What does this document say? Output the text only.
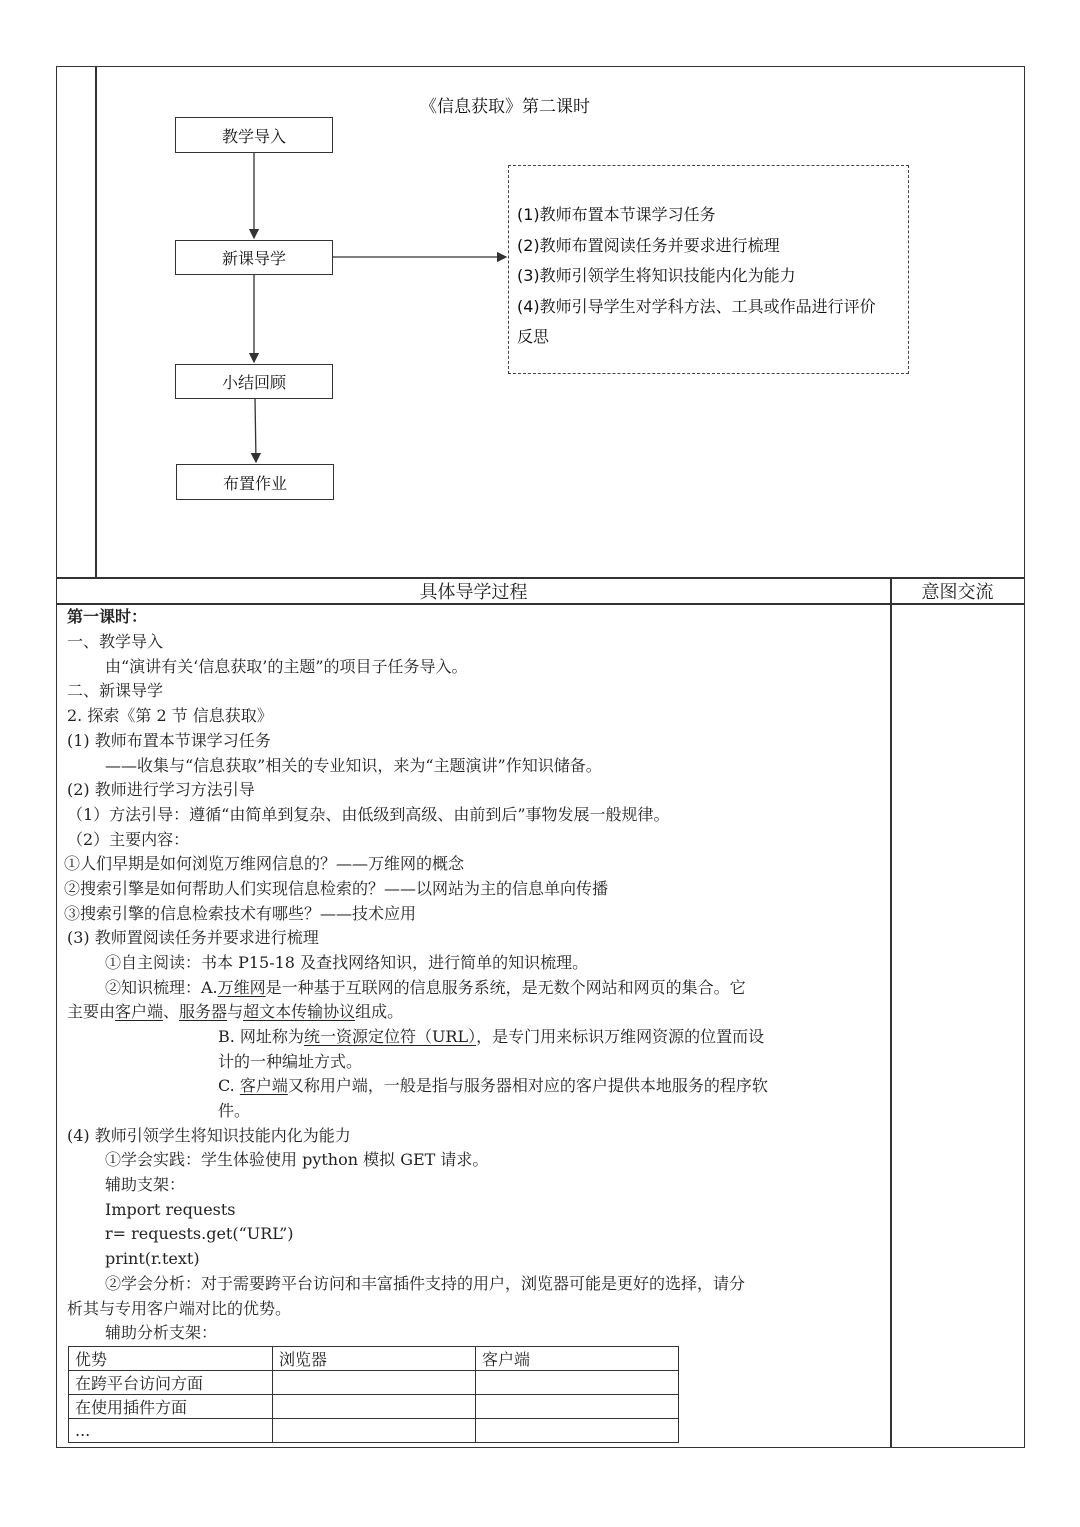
《信息获取》第二课时
教学导入
新课导学
小结回顾
布置作业
(1)教师布置本节课学习任务
(2)教师布置阅读任务并要求进行梳理
(3)教师引领学生将知识技能内化为能力
(4)教师引导学生对学科方法、工具或作品进行评价
反思
具体导学过程	意图交流
第一课时：
一、教学导入
由“演讲有关‘信息获取’的主题”的项目子任务导入。
二、新课导学
2. 探索《第 2 节 信息获取》
(1) 教师布置本节课学习任务
——收集与“信息获取”相关的专业知识，来为“主题演讲”作知识储备。
(2) 教师进行学习方法引导
（1）方法引导：遵循“由简单到复杂、由低级到高级、由前到后”事物发展一般规律。
（2）主要内容：
①人们早期是如何浏览万维网信息的？——万维网的概念
②搜索引擎是如何帮助人们实现信息检索的？——以网站为主的信息单向传播
③搜索引擎的信息检索技术有哪些？——技术应用
(3) 教师置阅读任务并要求进行梳理
①自主阅读：书本 P15-18 及查找网络知识，进行简单的知识梳理。
②知识梳理：A.万维网是一种基于互联网的信息服务系统，是无数个网站和网页的集合。它
主要由客户端、服务器与超文本传输协议组成。
B. 网址称为统一资源定位符（URL），是专门用来标识万维网资源的位置而设
计的一种编址方式。
C. 客户端又称用户端，一般是指与服务器相对应的客户提供本地服务的程序软
件。
(4) 教师引领学生将知识技能内化为能力
①学会实践：学生体验使用 python 模拟 GET 请求。
辅助支架：
Import requests
r= requests.get(“URL”)
print(r.text)
②学会分析：对于需要跨平台访问和丰富插件支持的用户，浏览器可能是更好的选择，请分
析其与专用客户端对比的优势。
辅助分析支架：
优势	浏览器	客户端
在跨平台访问方面		
在使用插件方面		
...		
